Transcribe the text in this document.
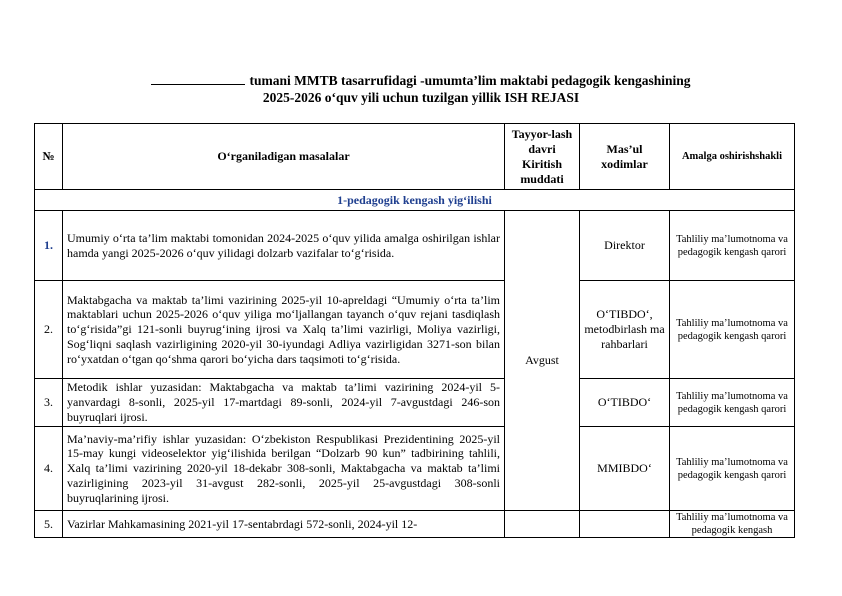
tumani MMTB tasarrufidagi -umumta’lim maktabi pedagogik kengashining
2025-2026 o‘quv yili uchun tuzilgan yillik ISH REJASI
№	O‘rganiladigan masalalar	Tayyor-lash davri Kiritish muddati	Mas’ul xodimlar	Amalga oshirishshakli
1-pedagogik kengash yig‘ilishi				
1.	Umumiy o‘rta ta’lim maktabi tomonidan 2024-2025 o‘quv yilida amalga oshirilgan ishlar hamda yangi 2025-2026 o‘quv yilidagi dolzarb vazifalar to‘g‘risida.	Avgust	Direktor	Tahliliy ma’lumotnoma va pedagogik kengash qarori
2.	Maktabgacha va maktab ta’limi vazirining 2025-yil 10-apreldagi “Umumiy o‘rta ta’lim maktablari uchun 2025-2026 o‘quv yiliga mo‘ljallangan tayanch o‘quv rejani tasdiqlash to‘g‘risida”gi 121-sonli buyrug‘ining ijrosi va Xalq ta’limi vazirligi, Moliya vazirligi, Sog‘liqni saqlash vazirligining 2020-yil 30-iyundagi Adliya vazirligidan 3271-son bilan ro‘yxatdan o‘tgan qo‘shma qarori bo‘yicha dars taqsimoti to‘g‘risida.		O‘TIBDO‘, metodbirlash ma rahbarlari	Tahliliy ma’lumotnoma va pedagogik kengash qarori
3.	Metodik ishlar yuzasidan: Maktabgacha va maktab ta’limi vazirining 2024-yil 5-yanvardagi 8-sonli, 2025-yil 17-martdagi 89-sonli, 2024-yil 7-avgustdagi 246-son buyruqlari ijrosi.		O‘TIBDO‘	Tahliliy ma’lumotnoma va pedagogik kengash qarori
4.	Ma’naviy-ma’rifiy ishlar yuzasidan: O‘zbekiston Respublikasi Prezidentining 2025-yil 15-may kungi videoselektor yig‘ilishida berilgan “Dolzarb 90 kun” tadbirining tahlili, Xalq ta’limi vazirining 2020-yil 18-dekabr 308-sonli, Maktabgacha va maktab ta’limi vazirligining 2023-yil 31-avgust 282-sonli, 2025-yil 25-avgustdagi 308-sonli buyruqlarining ijrosi.		MMIBDO‘	Tahliliy ma’lumotnoma va pedagogik kengash qarori
5.	Vazirlar Mahkamasining 2021-yil 17-sentabrdagi 572-sonli, 2024-yil 12-			Tahliliy ma’lumotnoma va pedagogik kengash
